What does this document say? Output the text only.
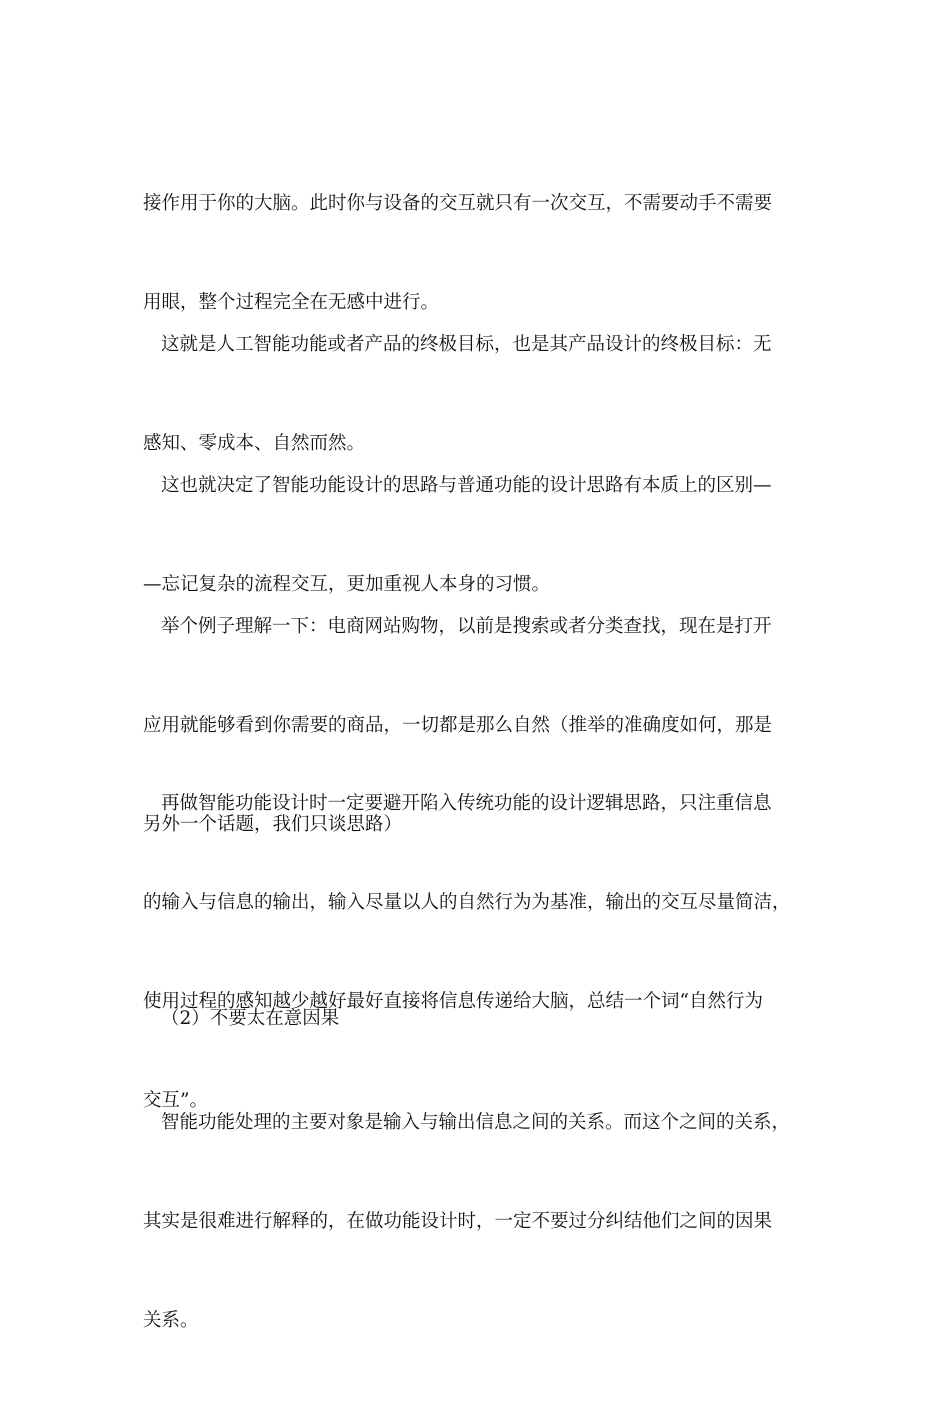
接作用于你的大脑。此时你与设备的交互就只有一次交互，不需要动手不需要

用眼，整个过程完全在无感中进行。

这就是人工智能功能或者产品的终极目标，也是其产品设计的终极目标：无

感知、零成本、自然而然。

这也就决定了智能功能设计的思路与普通功能的设计思路有本质上的区别—

—忘记复杂的流程交互，更加重视人本身的习惯。

举个例子理解一下：电商网站购物，以前是搜索或者分类查找，现在是打开

应用就能够看到你需要的商品，一切都是那么自然（推举的准确度如何，那是

另外一个话题，我们只谈思路）

再做智能功能设计时一定要避开陷入传统功能的设计逻辑思路，只注重信息

的输入与信息的输出，输入尽量以人的自然行为为基准，输出的交互尽量简洁，

使用过程的感知越少越好最好直接将信息传递给大脑，总结一个词“自然行为

交互”。

（2）不要太在意因果

智能功能处理的主要对象是输入与输出信息之间的关系。而这个之间的关系，

其实是很难进行解释的，在做功能设计时，一定不要过分纠结他们之间的因果

关系。
